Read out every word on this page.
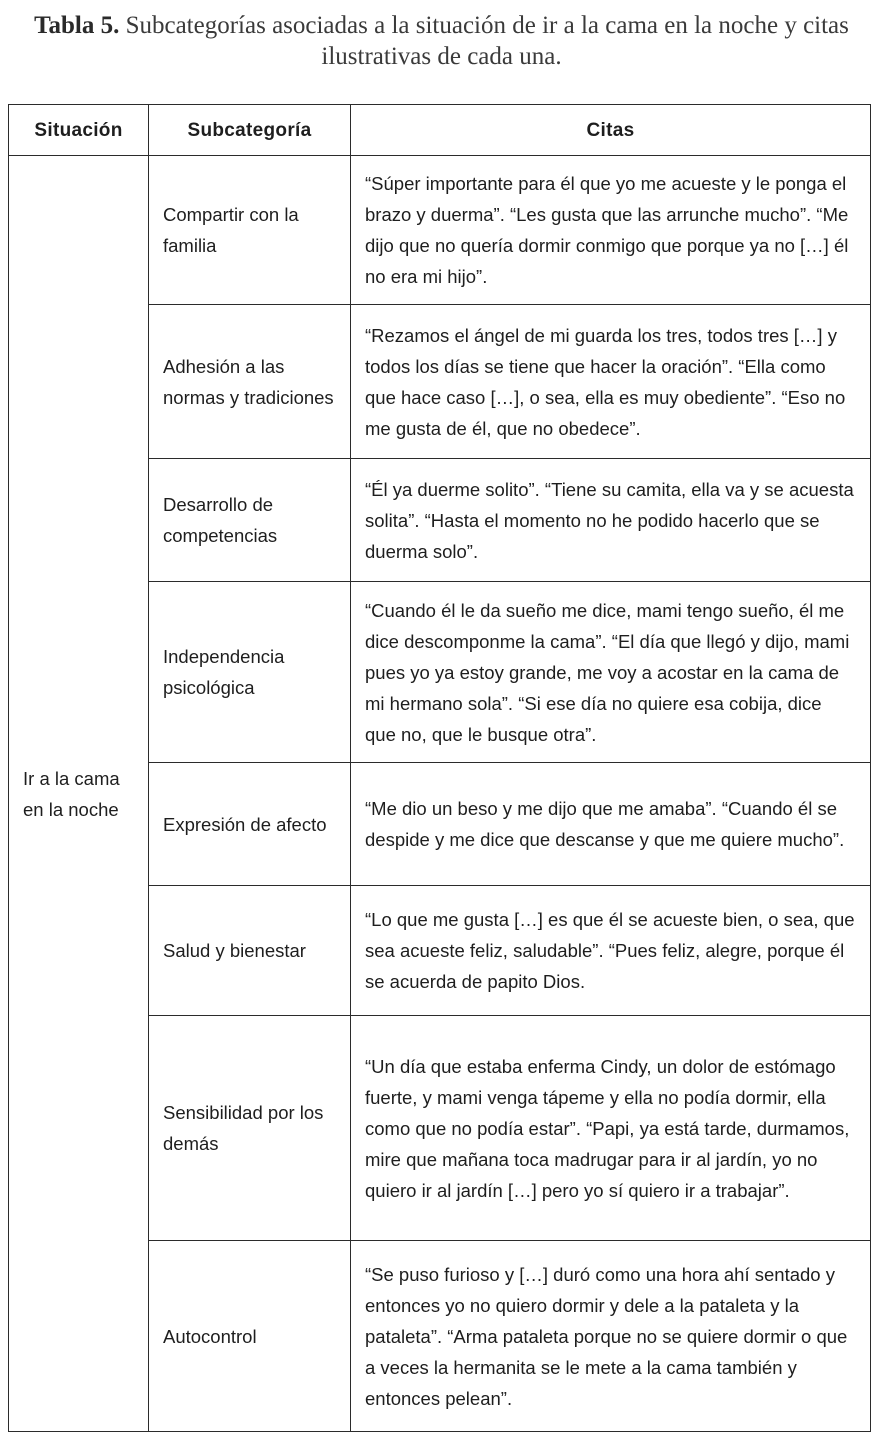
Tabla 5. Subcategorías asociadas a la situación de ir a la cama en la noche y citas ilustrativas de cada una.
Situación	Subcategoría	Citas
Ir a la cama en la noche	Compartir con la familia	“Súper importante para él que yo me acueste y le ponga el brazo y duerma”. “Les gusta que las arrunche mucho”. “Me dijo que no quería dormir conmigo que porque ya no […] él no era mi hijo”.
	Adhesión a las normas y tradiciones	“Rezamos el ángel de mi guarda los tres, todos tres […] y todos los días se tiene que hacer la oración”. “Ella como que hace caso […], o sea, ella es muy obediente”. “Eso no me gusta de él, que no obedece”.
	Desarrollo de competencias	“Él ya duerme solito”. “Tiene su camita, ella va y se acuesta solita”. “Hasta el momento no he podido hacerlo que se duerma solo”.
	Independencia psicológica	“Cuando él le da sueño me dice, mami tengo sueño, él me dice descomponme la cama”. “El día que llegó y dijo, mami pues yo ya estoy grande, me voy a acostar en la cama de mi hermano sola”. “Si ese día no quiere esa cobija, dice que no, que le busque otra”.
	Expresión de afecto	“Me dio un beso y me dijo que me amaba”. “Cuando él se despide y me dice que descanse y que me quiere mucho”.
	Salud y bienestar	“Lo que me gusta […] es que él se acueste bien, o sea, que sea acueste feliz, saludable”. “Pues feliz, alegre, porque él se acuerda de papito Dios.
	Sensibilidad por los demás	“Un día que estaba enferma Cindy, un dolor de estómago fuerte, y mami venga tápeme y ella no podía dormir, ella como que no podía estar”. “Papi, ya está tarde, durmamos, mire que mañana toca madrugar para ir al jardín, yo no quiero ir al jardín […] pero yo sí quiero ir a trabajar”.
	Autocontrol	“Se puso furioso y […] duró como una hora ahí sentado y entonces yo no quiero dormir y dele a la pataleta y la pataleta”. “Arma pataleta porque no se quiere dormir o que a veces la hermanita se le mete a la cama también y entonces pelean”.
